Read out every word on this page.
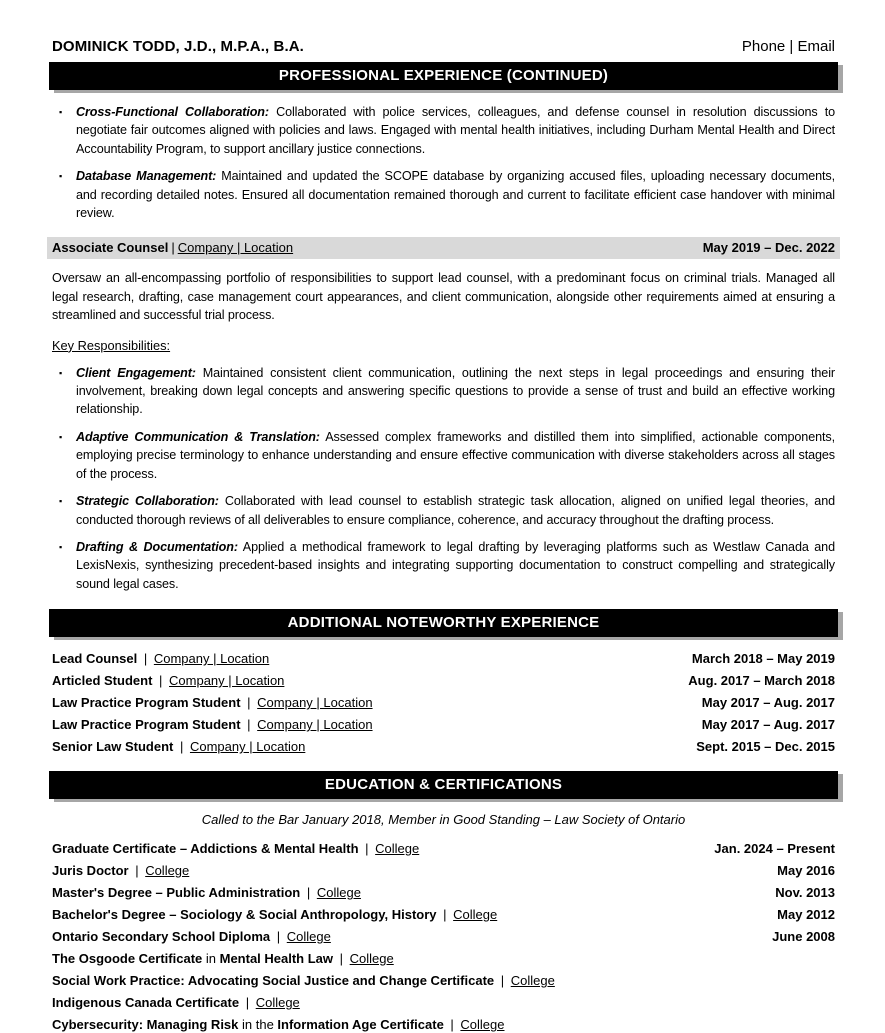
DOMINICK TODD, J.D., M.P.A., B.A.	Phone | Email
PROFESSIONAL EXPERIENCE (CONTINUED)
▪	Cross-Functional Collaboration: Collaborated with police services, colleagues, and defense counsel in resolution discussions to negotiate fair outcomes aligned with policies and laws. Engaged with mental health initiatives, including Durham Mental Health and Direct Accountability Program, to support ancillary justice connections.
▪	Database Management: Maintained and updated the SCOPE database by organizing accused files, uploading necessary documents, and recording detailed notes. Ensured all documentation remained thorough and current to facilitate efficient case handover with minimal review.
Associate Counsel | Company | Location	May 2019 – Dec. 2022

Oversaw an all-encompassing portfolio of responsibilities to support lead counsel, with a predominant focus on criminal trials. Managed all legal research, drafting, case management court appearances, and client communication, alongside other requirements aimed at ensuring a streamlined and successful trial process.

Key Responsibilities:
▪	Client Engagement: Maintained consistent client communication, outlining the next steps in legal proceedings and ensuring their involvement, breaking down legal concepts and answering specific questions to provide a sense of trust and build an effective working relationship.
▪	Adaptive Communication & Translation: Assessed complex frameworks and distilled them into simplified, actionable components, employing precise terminology to enhance understanding and ensure effective communication with diverse stakeholders across all stages of the process.
▪	Strategic Collaboration: Collaborated with lead counsel to establish strategic task allocation, aligned on unified legal theories, and conducted thorough reviews of all deliverables to ensure compliance, coherence, and accuracy throughout the drafting process.
▪	Drafting & Documentation: Applied a methodical framework to legal drafting by leveraging platforms such as Westlaw Canada and LexisNexis, synthesizing precedent-based insights and integrating supporting documentation to construct compelling and strategically sound legal cases.
ADDITIONAL NOTEWORTHY EXPERIENCE
Lead Counsel | Company | Location	March 2018 – May 2019
Articled Student | Company | Location	Aug. 2017 – March 2018
Law Practice Program Student | Company | Location	May 2017 – Aug. 2017
Law Practice Program Student | Company | Location	May 2017 – Aug. 2017
Senior Law Student | Company | Location	Sept. 2015 – Dec. 2015
EDUCATION & CERTIFICATIONS
Called to the Bar January 2018, Member in Good Standing – Law Society of Ontario
Graduate Certificate – Addictions & Mental Health | College	Jan. 2024 – Present
Juris Doctor | College	May 2016
Master's Degree – Public Administration | College	Nov. 2013
Bachelor's Degree – Sociology & Social Anthropology, History | College	May 2012
Ontario Secondary School Diploma | College	June 2008
The Osgoode Certificate in Mental Health Law | College
Social Work Practice: Advocating Social Justice and Change Certificate | College
Indigenous Canada Certificate | College
Cybersecurity: Managing Risk in the Information Age Certificate | College
